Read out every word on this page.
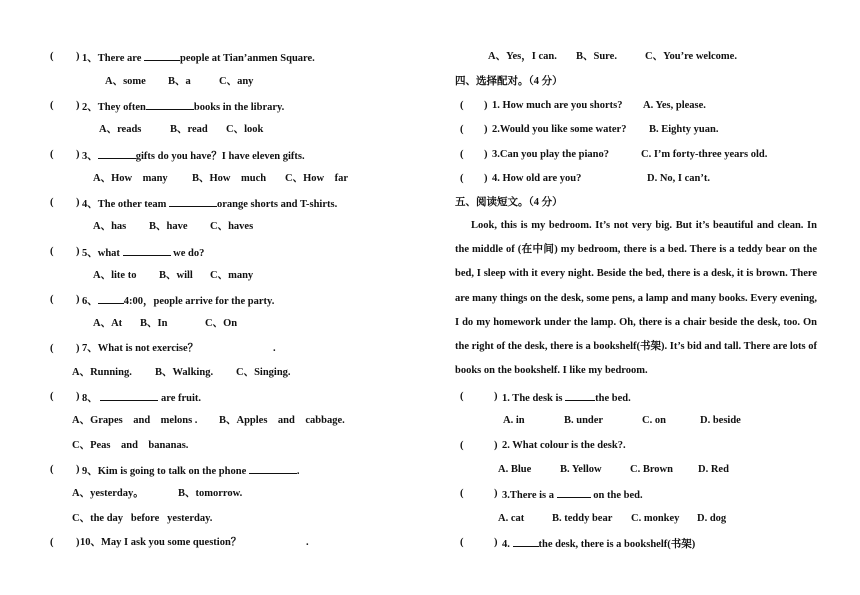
( ) 1、There are	people at Tian’anmen Square.
A、some B、a	C、any
( ) 2、They often	books in the library.
A、reads	B、read C、look
( ) 3、	gifts do you have？I have eleven gifts.
A、How    many B、How    much C、How    far
( ) 4、The other team	orange shorts and T-shirts.
A、has B、have C、haves
( ) 5、what	we do?
A、lite to B、will C、many
( ) 6、 4:00，people arrive for the party.
A、At B、In	C、On
( ) 7、What is not exercise？	.
A、Running. B、Walking. C、Singing.
( ) 8、	are fruit.
A、Grapes    and    melons . B、Apples    and    cabbage.
C、Peas    and    bananas.
( ) 9、Kim is going to talk on the phone	.
A、yesterday。	B、tomorrow.
C、the day   before   yesterday.
( ) 10、May I ask you some question？	.
A、Yes，I can. B、Sure.	C、You’re welcome.
四、选择配对。（4 分）
( ) 1. How much are you shorts? A. Yes, please.
( ) 2.Would you like some water? B. Eighty yuan.
( ) 3.Can you play the piano?	C. I’m forty-three years old.
( ) 4. How old are you?	D. No, I can’t.
五、阅读短文。（4 分）
Look, this is my bedroom. It’s not very big. But it’s beautiful and clean. In the middle of (在中间) my bedroom, there is a bed. There is a teddy bear on the bed, I sleep with it every night. Beside the bed, there is a desk, it is brown. There are many things on the desk, some pens, a lamp and many books. Every evening, I do my homework under the lamp. Oh, there is a chair beside the desk, too. On the right of the desk, there is a bookshelf(书架). It’s bid and tall. There are lots of books on the bookshelf. I like my bedroom.
(	) 1. The desk is	the bed.
A. in	B. under	C. on	D. beside
(	) 2. What colour is the desk?.
A. Blue	B. Yellow	C. Brown D. Red
(	) 3.There is a	on the bed.
A. cat	B. teddy bear C. monkey D. dog
(	) 4. the desk, there is a bookshelf(书架)
